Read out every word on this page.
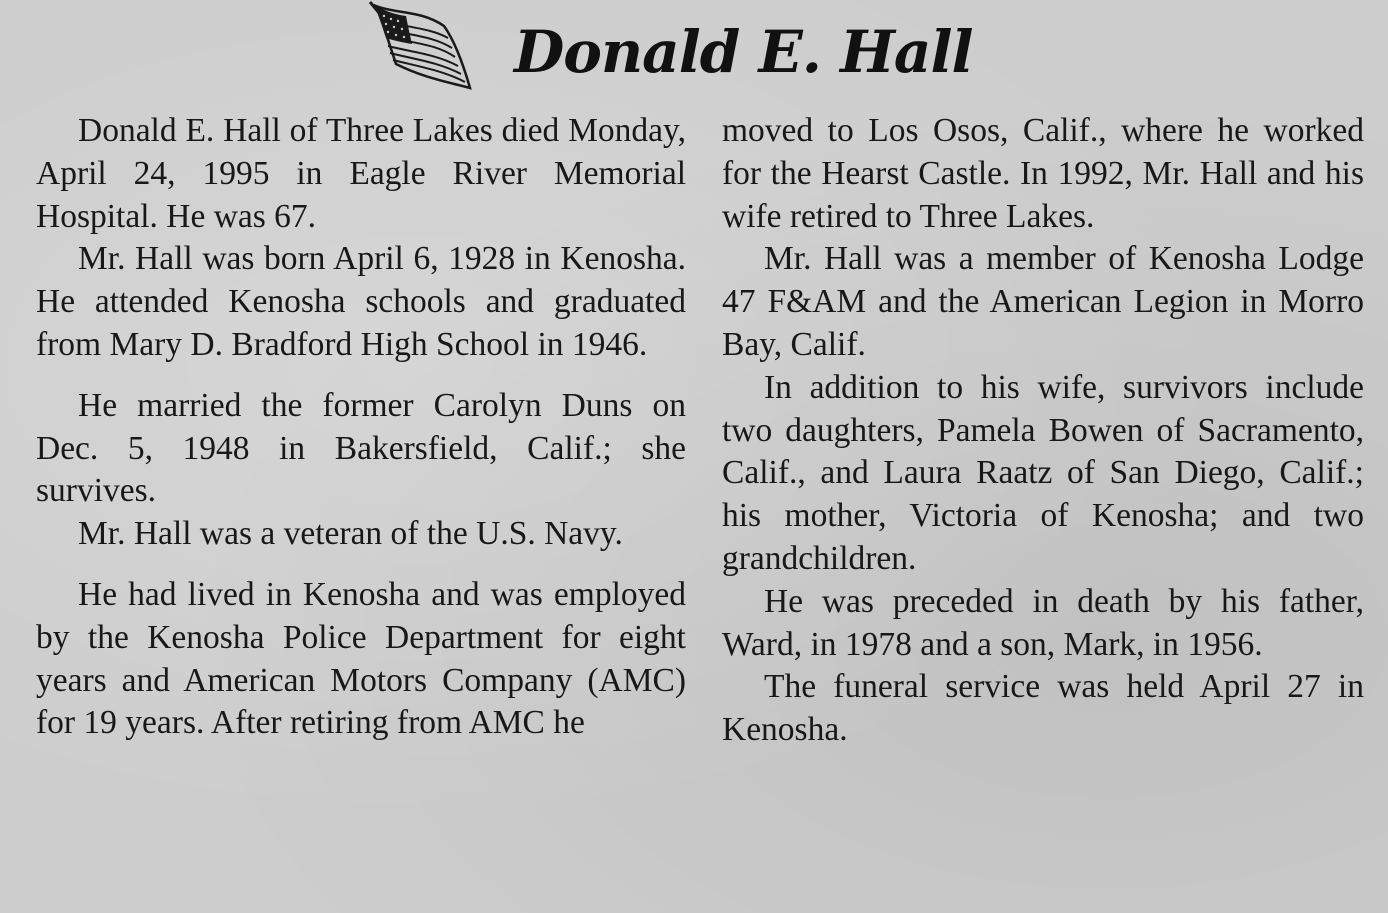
Donald E. Hall

Donald E. Hall of Three Lakes died Monday, April 24, 1995 in Eagle River Memorial Hospital. He was 67.

Mr. Hall was born April 6, 1928 in Kenosha. He attended Kenosha schools and graduated from Mary D. Bradford High School in 1946.

He married the former Carolyn Duns on Dec. 5, 1948 in Bakersfield, Calif.; she survives.

Mr. Hall was a veteran of the U.S. Navy.

He had lived in Kenosha and was employed by the Kenosha Police Department for eight years and American Motors Company (AMC) for 19 years. After retiring from AMC he

moved to Los Osos, Calif., where he worked for the Hearst Castle. In 1992, Mr. Hall and his wife retired to Three Lakes.

Mr. Hall was a member of Kenosha Lodge 47 F&AM and the American Legion in Morro Bay, Calif.

In addition to his wife, survivors include two daughters, Pamela Bowen of Sacramento, Calif., and Laura Raatz of San Diego, Calif.; his mother, Victoria of Kenosha; and two grandchildren.

He was preceded in death by his father, Ward, in 1978 and a son, Mark, in 1956.

The funeral service was held April 27 in Kenosha.
